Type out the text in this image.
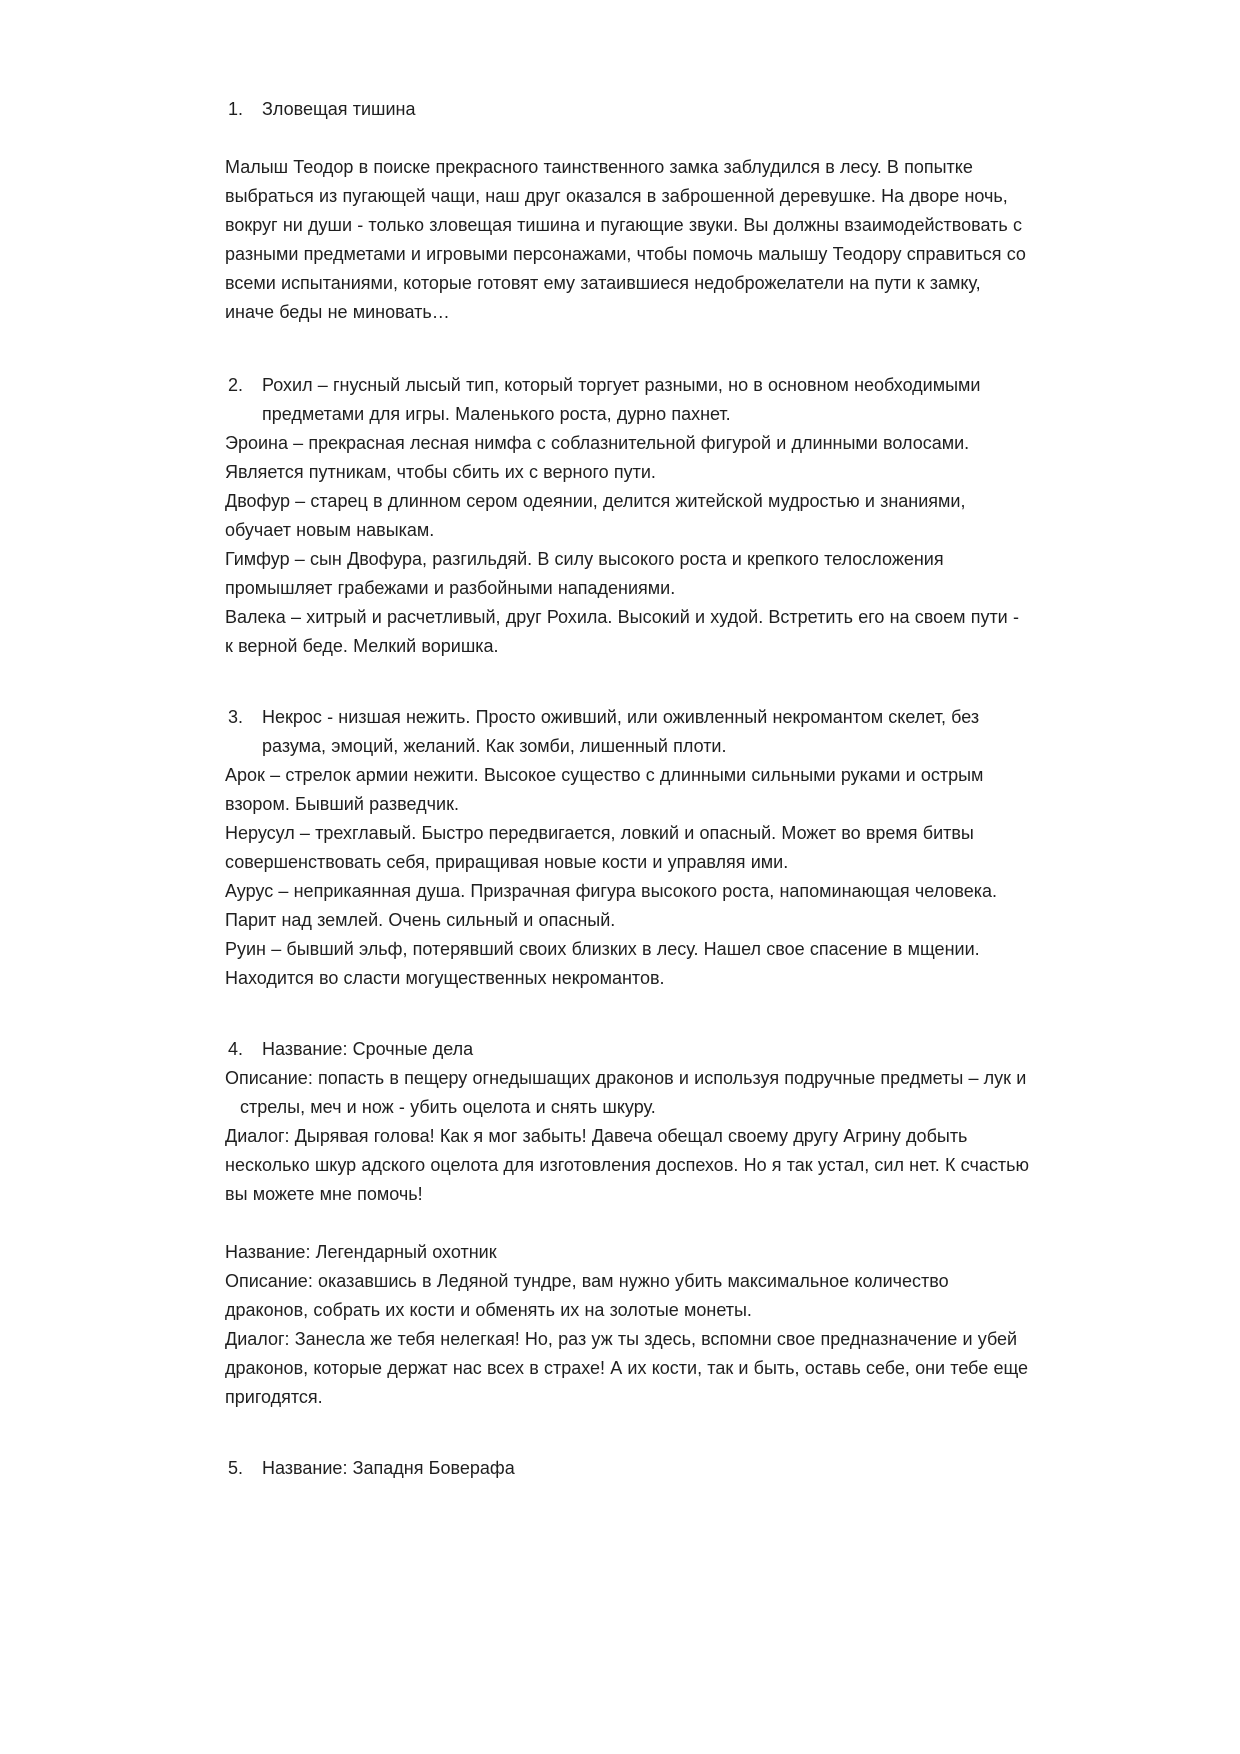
1. Зловещая тишина
Малыш Теодор в поиске прекрасного таинственного замка заблудился в лесу. В попытке выбраться из пугающей чащи, наш друг оказался в заброшенной деревушке. На дворе ночь, вокруг ни души - только зловещая тишина и пугающие звуки. Вы должны взаимодействовать с разными предметами и игровыми персонажами, чтобы помочь малышу Теодору справиться со всеми испытаниями, которые готовят ему затаившиеся недоброжелатели на пути к замку, иначе беды не миновать…
2. Рохил – гнусный лысый тип, который торгует разными, но в основном необходимыми предметами для игры. Маленького роста, дурно пахнет.
Эроина – прекрасная лесная нимфа с соблазнительной фигурой и длинными волосами. Является путникам, чтобы сбить их с верного пути.
Двофур – старец в длинном сером одеянии, делится житейской мудростью и знаниями, обучает новым навыкам.
Гимфур – сын Двофура, разгильдяй. В силу высокого роста и крепкого телосложения промышляет грабежами и разбойными нападениями.
Валека – хитрый и расчетливый, друг Рохила. Высокий и худой. Встретить его на своем пути - к верной беде. Мелкий воришка.
3. Некрос - низшая нежить. Просто оживший, или оживленный некромантом скелет, без разума, эмоций, желаний. Как зомби, лишенный плоти.
Арок – стрелок армии нежити. Высокое существо с длинными сильными руками и острым взором. Бывший разведчик.
Нерусул – трехглавый. Быстро передвигается, ловкий и опасный. Может во время битвы совершенствовать себя, приращивая новые кости и управляя ими.
Аурус – неприкаянная душа. Призрачная фигура высокого роста, напоминающая человека. Парит над землей. Очень сильный и опасный.
Руин – бывший эльф, потерявший своих близких в лесу. Нашел свое спасение в мщении. Находится во сласти могущественных некромантов.
4. Название: Срочные дела
Описание: попасть в пещеру огнедышащих драконов и используя подручные предметы – лук и стрелы, меч и нож - убить оцелота и снять шкуру.
Диалог: Дырявая голова! Как я мог забыть! Давеча обещал своему другу Агрину добыть несколько шкур адского оцелота для изготовления доспехов. Но я так устал, сил нет. К счастью вы можете мне помочь!
Название: Легендарный охотник
Описание: оказавшись в Ледяной тундре, вам нужно убить максимальное количество драконов, собрать их кости и обменять их на золотые монеты.
Диалог: Занесла же тебя нелегкая! Но, раз уж ты здесь, вспомни свое предназначение и убей драконов, которые держат нас всех в страхе! А их кости, так и быть, оставь себе, они тебе еще пригодятся.
5. Название: Западня Боверафа
